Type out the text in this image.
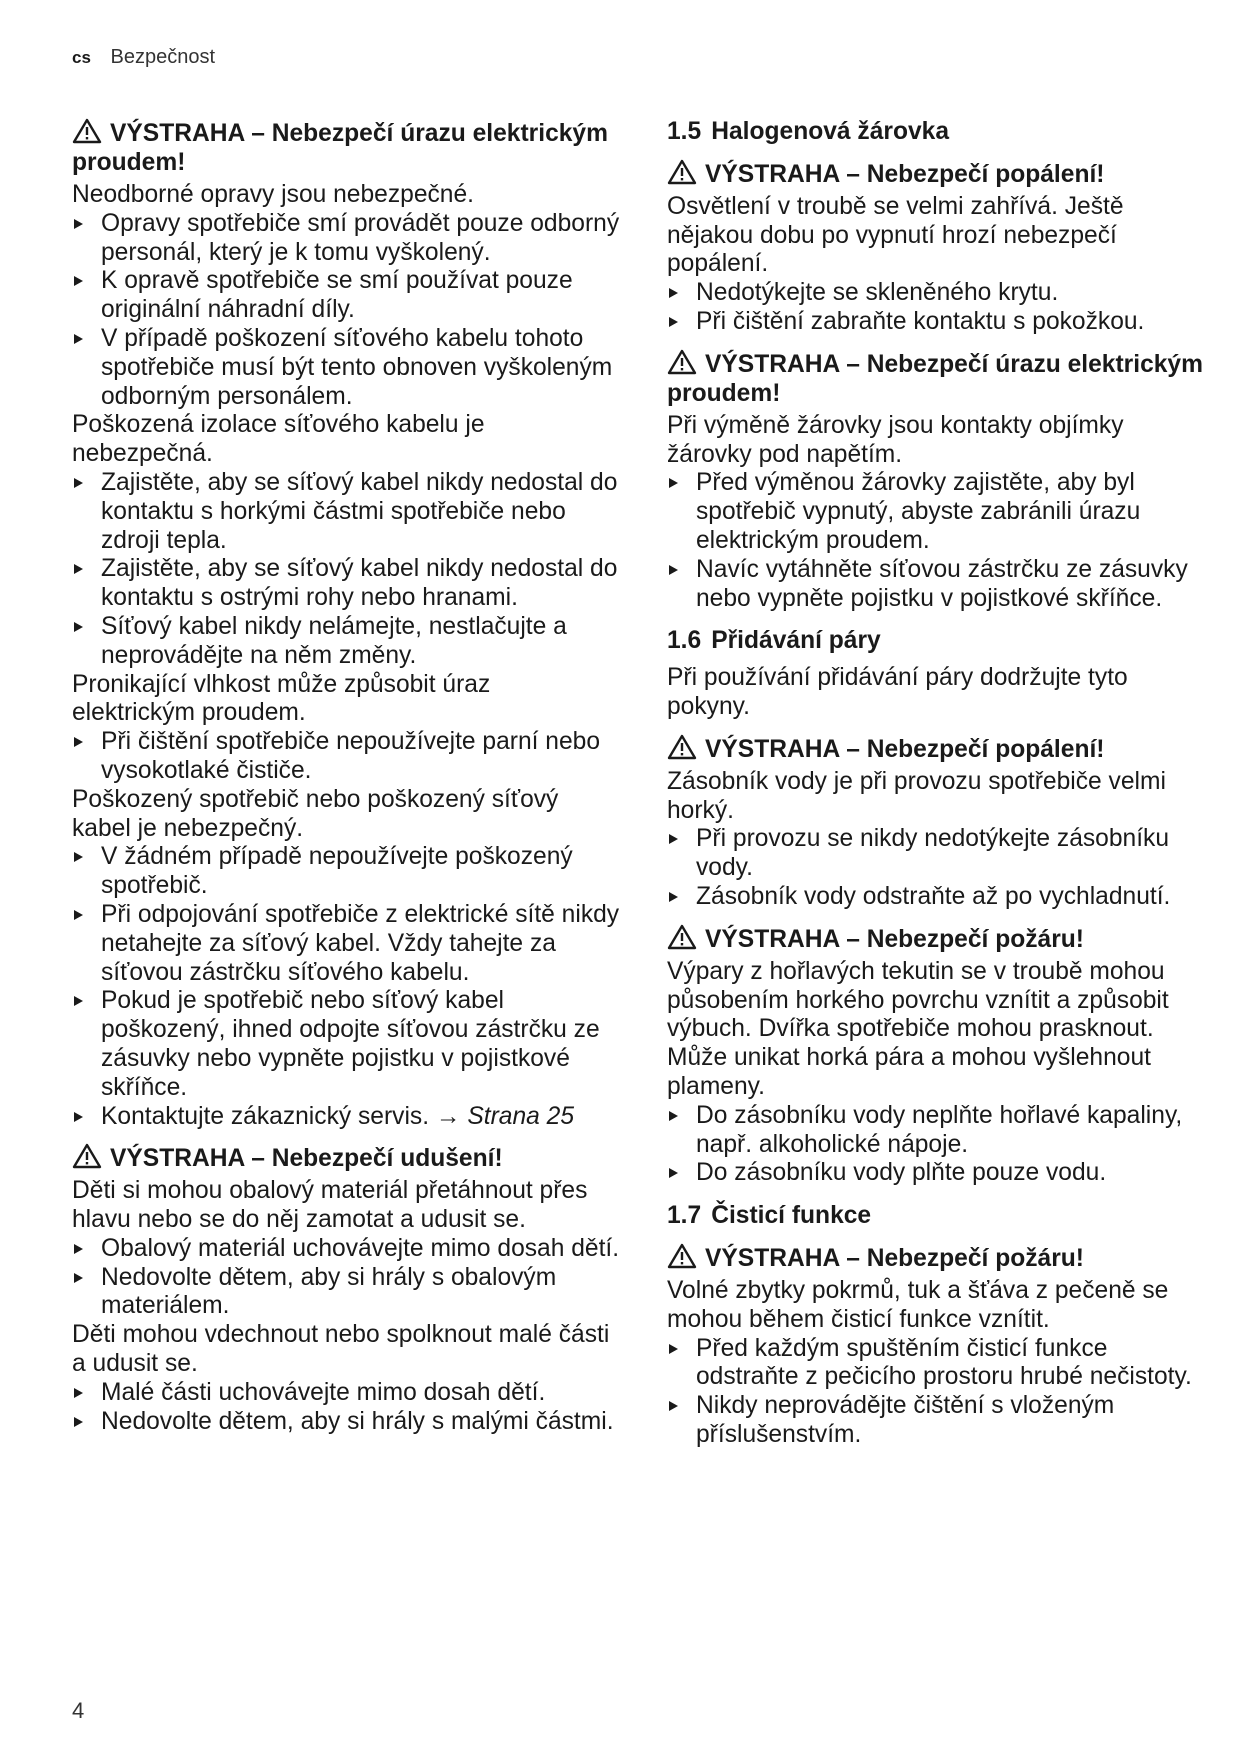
cs Bezpečnost
VÝSTRAHA – Nebezpečí úrazu elektrickým proudem!

Neodborné opravy jsou nebezpečné.

Opravy spotřebiče smí provádět pouze odborný personál, který je k tomu vyškolený.
K opravě spotřebiče se smí používat pouze originální náhradní díly.
V případě poškození síťového kabelu tohoto spotřebiče musí být tento obnoven vyškoleným odborným personálem.

Poškozená izolace síťového kabelu je nebezpečná.

Zajistěte, aby se síťový kabel nikdy nedostal do kontaktu s horkými částmi spotřebiče nebo zdroji tepla.
Zajistěte, aby se síťový kabel nikdy nedostal do kontaktu s ostrými rohy nebo hranami.
Síťový kabel nikdy nelámejte, nestlačujte a neprovádějte na něm změny.

Pronikající vlhkost může způsobit úraz elektrickým proudem.

Při čištění spotřebiče nepoužívejte parní nebo vysokotlaké čističe.

Poškozený spotřebič nebo poškozený síťový kabel je nebezpečný.

V žádném případě nepoužívejte poškozený spotřebič.
Při odpojování spotřebiče z elektrické sítě nikdy netahejte za síťový kabel. Vždy tahejte za síťovou zástrčku síťového kabelu.
Pokud je spotřebič nebo síťový kabel poškozený, ihned odpojte síťovou zástrčku ze zásuvky nebo vypněte pojistku v pojistkové skříňce.
Kontaktujte zákaznický servis. → Strana 25
VÝSTRAHA – Nebezpečí udušení!

Děti si mohou obalový materiál přetáhnout přes hlavu nebo se do něj zamotat a udusit se.

Obalový materiál uchovávejte mimo dosah dětí.
Nedovolte dětem, aby si hrály s obalovým materiálem.

Děti mohou vdechnout nebo spolknout malé části a udusit se.

Malé části uchovávejte mimo dosah dětí.
Nedovolte dětem, aby si hrály s malými částmi.
1.5 Halogenová žárovka
VÝSTRAHA – Nebezpečí popálení!

Osvětlení v troubě se velmi zahřívá. Ještě nějakou dobu po vypnutí hrozí nebezpečí popálení.

Nedotýkejte se skleněného krytu.
Při čištění zabraňte kontaktu s pokožkou.
VÝSTRAHA – Nebezpečí úrazu elektrickým proudem!

Při výměně žárovky jsou kontakty objímky žárovky pod napětím.

Před výměnou žárovky zajistěte, aby byl spotřebič vypnutý, abyste zabránili úrazu elektrickým proudem.
Navíc vytáhněte síťovou zástrčku ze zásuvky nebo vypněte pojistku v pojistkové skříňce.
1.6 Přidávání páry

Při používání přidávání páry dodržujte tyto pokyny.

VÝSTRAHA – Nebezpečí popálení!

Zásobník vody je při provozu spotřebiče velmi horký.

Při provozu se nikdy nedotýkejte zásobníku vody.
Zásobník vody odstraňte až po vychladnutí.
VÝSTRAHA – Nebezpečí požáru!

Výpary z hořlavých tekutin se v troubě mohou působením horkého povrchu vznítit a způsobit výbuch. Dvířka spotřebiče mohou prasknout. Může unikat horká pára a mohou vyšlehnout plameny.

Do zásobníku vody neplňte hořlavé kapaliny, např. alkoholické nápoje.
Do zásobníku vody plňte pouze vodu.
1.7 Čisticí funkce
VÝSTRAHA – Nebezpečí požáru!

Volné zbytky pokrmů, tuk a šťáva z pečeně se mohou během čisticí funkce vznítit.

Před každým spuštěním čisticí funkce odstraňte z pečicího prostoru hrubé nečistoty.
Nikdy neprovádějte čištění s vloženým příslušenstvím.
4
